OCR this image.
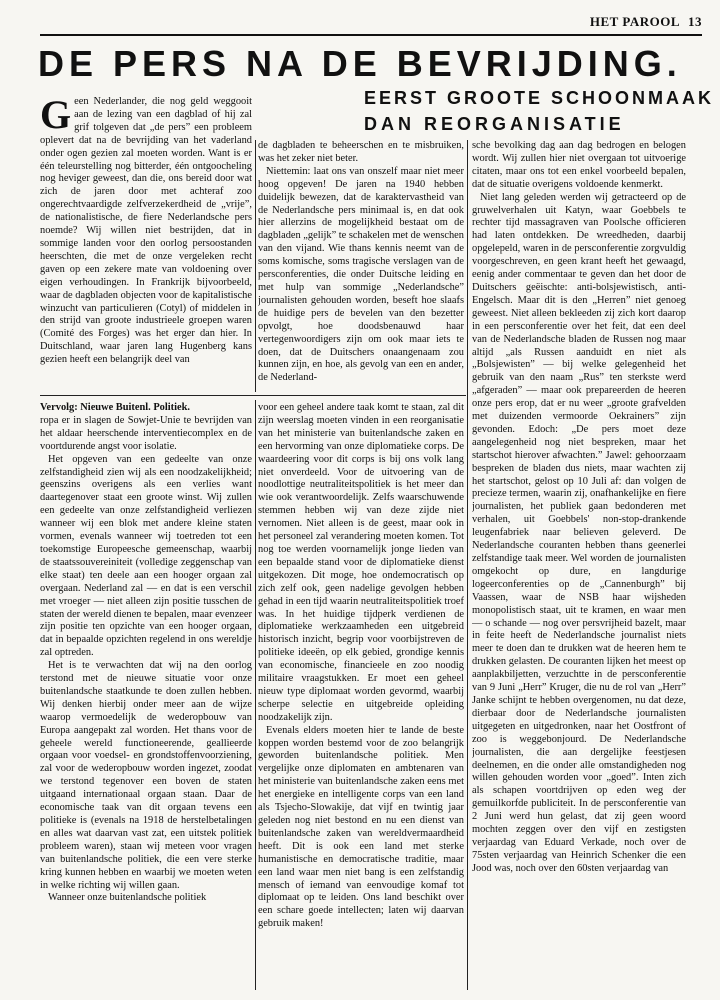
HET PAROOL 13
DE PERS NA DE BEVRIJDING.
EERST GROOTE SCHOONMAAK
DAN REORGANISATIE

Geen Nederlander, die nog geld weggooit aan de lezing van een dagblad of hij zal grif tolgeven dat „de pers” een probleem oplevert dat na de bevrijding van het vaderland onder ogen gezien zal moeten worden. Want is er één teleurstelling nog bitterder, één ontgoocheling nog heviger geweest, dan die, ons bereid door wat zich de jaren door met achteraf zoo ongerechtvaardigde zelfverzekerdheid de „vrije”, de nationalistische, de fiere Nederlandsche pers noemde? Wij willen niet bestrijden, dat in sommige landen voor den oorlog persoostanden heerschten, die met de onze vergeleken recht gaven op een zekere mate van voldoening over eigen verhoudingen. In Frankrijk bijvoorbeeld, waar de dagbladen objecten voor de kapitalistische winzucht van particulieren (Cotyl) of middelen in den strijd van groote industrieele groepen waren (Comité des Forges) was het erger dan hier. In Duitschland, waar jaren lang Hugenberg kans gezien heeft een belangrijk deel van

de dagbladen te beheerschen en te misbruiken, was het zeker niet beter.

Niettemin: laat ons van onszelf maar niet meer hoog opgeven! De jaren na 1940 hebben duidelijk bewezen, dat de karaktervastheid van de Nederlandsche pers minimaal is, en dat ook hier allerzins de mogelijkheid bestaat om de dagbladen „gelijk” te schakelen met de wenschen van den vijand. Wie thans kennis neemt van de soms komische, soms tragische verslagen van de persconferenties, die onder Duitsche leiding en met hulp van sommige „Nederlandsche” journalisten gehouden worden, beseft hoe slaafs de huidige pers de bevelen van den bezetter opvolgt, hoe doodsbenauwd haar vertegenwoordigers zijn om ook maar iets te doen, dat de Duitschers onaangenaam zou kunnen zijn, en hoe, als gevolg van een en ander, de Nederland-

sche bevolking dag aan dag bedrogen en belogen wordt. Wij zullen hier niet overgaan tot uitvoerige citaten, maar ons tot een enkel voorbeeld bepalen, dat de situatie overigens voldoende kenmerkt.

Niet lang geleden werden wij getracteerd op de gruwelverhalen uit Katyn, waar Goebbels te rechter tijd massagraven van Poolsche officieren had laten ontdekken. De wreedheden, daarbij opgelepeld, waren in de persconferentie zorgvuldig voorgeschreven, en geen krant heeft het gewaagd, eenig ander commentaar te geven dan het door de Duitschers geëischte: anti-bolsjewistisch, anti-Engelsch. Maar dit is den „Herren” niet genoeg geweest. Niet alleen bekleeden zij zich kort daarop in een persconferentie over het feit, dat een deel van de Nederlandsche bladen de Russen nog maar altijd „als Russen aanduidt en niet als „Bolsjewisten” — bij welke gelegenheid het gebruik van den naam „Rus” ten sterkste werd „afgeraden” — maar ook prepareerden de heeren onze pers erop, dat er nu weer „groote grafvelden met duizenden vermoorde Oekrainers” zijn gevonden. Edoch: „De pers moet deze aangelegenheid nog niet bespreken, maar het startschot hierover afwachten.” Jawel: gehoorzaam bespreken de bladen dus niets, maar wachten zij het startschot, gelost op 10 Juli af: dan volgen de precieze termen, waarin zij, onafhankelijke en fiere journalisten, het publiek gaan bedonderen met verhalen, uit Goebbels' non-stop-drankende leugenfabriek naar believen geleverd. De Nederlandsche couranten hebben thans geenerlei zelfstandige taak meer. Wel worden de journalisten omgekocht op dure, en langdurige logeerconferenties op de „Cannenburgh” bij Vaassen, waar de NSB haar wijsheden monopolistisch staat, uit te kramen, en waar men — o schande — nog over persvrijheid bazelt, maar in feite heeft de Nederlandsche journalist niets meer te doen dan te drukken wat de heeren hem te drukken gelasten. De couranten lijken het meest op aanplakbiljetten, verzuchtte in de persconferentie van 9 Juni „Herr” Kruger, die nu de rol van „Herr” Janke schijnt te hebben overgenomen, nu dat deze, dierbaar door de Nederlandsche journalisten uitgegeten en uitgedronken, naar het Oostfront of zoo is weggebonjourd. De Nederlandsche journalisten, die aan dergelijke feestjesen deelnemen, en die onder alle omstandigheden nog willen gehouden worden voor „goed”. Inten zich als schapen voortdrijven op eden weg der gemuilkorfde publiciteit. In de persconferentie van 2 Juni werd hun gelast, dat zij geen woord mochten zeggen over den vijf en zestigsten verjaardag van Eduard Verkade, noch over de 75sten verjaardag van Heinrich Schenker die een Jood was, noch over den 60sten verjaardag van

Vervolg: Nieuwe Buitenl. Politiek.

ropa er in slagen de Sowjet-Unie te bevrijden van het aldaar heerschende interventiecomplex en de voortdurende angst voor isolatie.

Het opgeven van een gedeelte van onze zelfstandigheid zien wij als een noodzakelijkheid; geenszins overigens als een verlies want daartegenover staat een groote winst. Wij zullen een gedeelte van onze zelfstandigheid verliezen wanneer wij een blok met andere kleine staten vormen, evenals wanneer wij toetreden tot een toekomstige Europeesche gemeenschap, waarbij de staatssouvereiniteit (volledige zeggenschap van elke staat) ten deele aan een hooger orgaan zal overgaan. Nederland zal — en dat is een verschil met vroeger — niet alleen zijn positie tusschen de staten der wereld dienen te bepalen, maar evenzeer zijn positie ten opzichte van een hooger orgaan, dat in bepaalde opzichten regelend in ons wereldje zal optreden.

Het is te verwachten dat wij na den oorlog terstond met de nieuwe situatie voor onze buitenlandsche staatkunde te doen zullen hebben. Wij denken hierbij onder meer aan de wijze waarop vermoedelijk de wederopbouw van Europa aangepakt zal worden. Het thans voor de geheele wereld functioneerende, geallieerde orgaan voor voedsel- en grondstoffenvoorziening, zal voor de wederopbouw worden ingezet, zoodat we terstond tegenover een boven de staten uitgaand internationaal orgaan staan. Daar de economische taak van dit orgaan tevens een politieke is (evenals na 1918 de herstelbetalingen en alles wat daarvan vast zat, een uitstek politiek probleem waren), staan wij meteen voor vragen van buitenlandsche politiek, die een vere sterke kring kunnen hebben en waarbij we moeten weten in welke richting wij willen gaan.

Wanneer onze buitenlandsche politiek

voor een geheel andere taak komt te staan, zal dit zijn weerslag moeten vinden in een reorganisatie van het ministerie van buitenlandsche zaken en een hervorming van onze diplomatieke corps. De waardeering voor dit corps is bij ons volk lang niet onverdeeld. Voor de uitvoering van de noodlottige neutraliteitspolitiek is het meer dan wie ook verantwoordelijk. Zelfs waarschuwende stemmen hebben wij van deze zijde niet vernomen. Niet alleen is de geest, maar ook in het personeel zal verandering moeten komen. Tot nog toe werden voornamelijk jonge lieden van een bepaalde stand voor de diplomatieke dienst uitgekozen. Dit moge, hoe ondemocratisch op zich zelf ook, geen nadelige gevolgen hebben gehad in een tijd waarin neutraliteitspolitiek troef was. In het huidige tijdperk verdienen de diplomatieke werkzaamheden een uitgebreid historisch inzicht, begrip voor voorbijstreven de politieke ideeën, op elk gebied, grondige kennis van economische, financieele en zoo noodig militaire vraagstukken. Er moet een geheel nieuw type diplomaat worden gevormd, waarbij scherpe selectie en uitgebreide opleiding noodzakelijk zijn.

Evenals elders moeten hier te lande de beste koppen worden bestemd voor de zoo belangrijk geworden buitenlandsche politiek. Men vergelijke onze diplomaten en ambtenaren van het ministerie van buitenlandsche zaken eens met het energieke en intelligente corps van een land als Tsjecho-Slowakije, dat vijf en twintig jaar geleden nog niet bestond en nu een dienst van buitenlandsche zaken van wereldvermaardheid heeft. Dit is ook een land met sterke humanistische en democratische traditie, maar een land waar men niet bang is een zelfstandig mensch of iemand van eenvoudige komaf tot diplomaat op te leiden. Ons land beschikt over een schare goede intellecten; laten wij daarvan gebruik maken!
